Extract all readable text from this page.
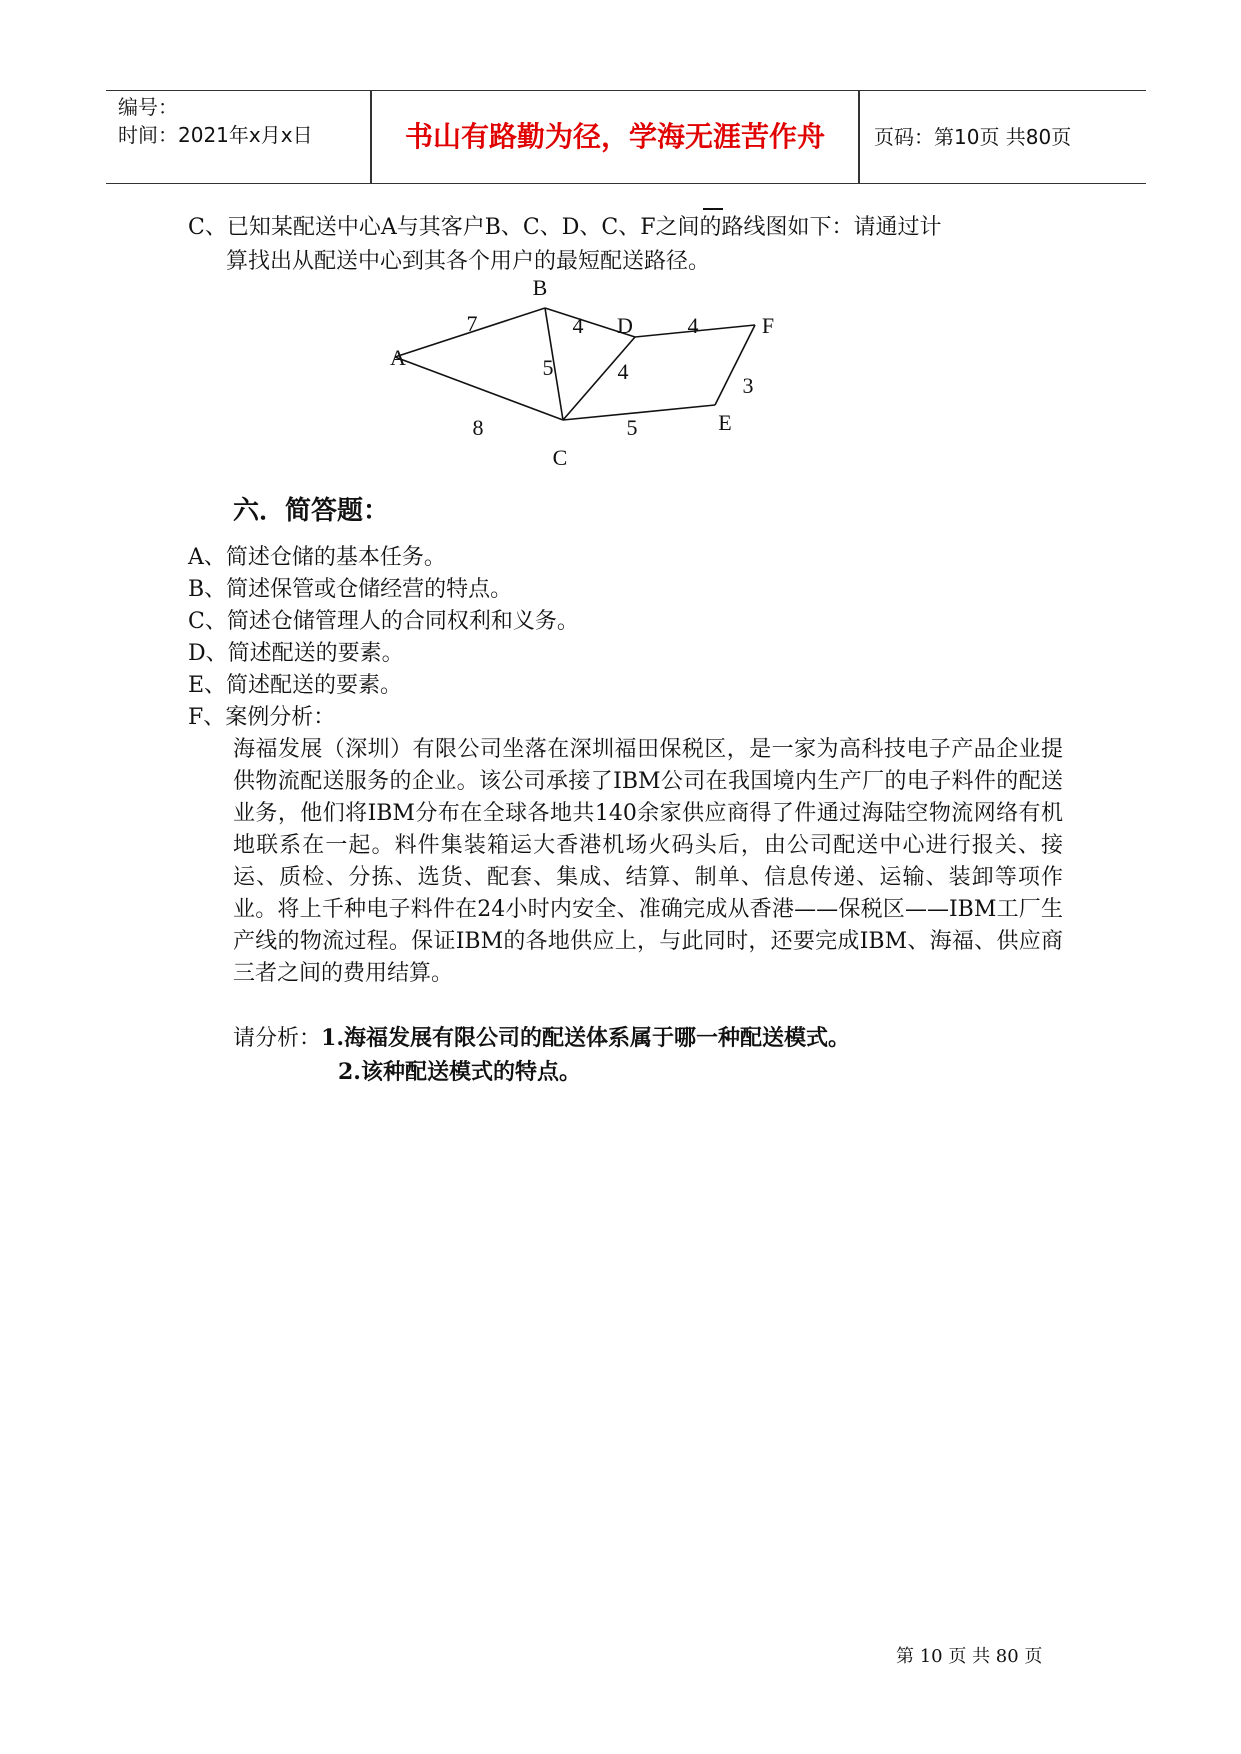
编号：
时间：2021年x月x日	书山有路勤为径，学海无涯苦作舟	页码：第10页 共80页
C、已知某配送中心A与其客户B、C、D、C、F之间的路线图如下：请通过计
算找出从配送中心到其各个用户的最短配送路径。
7
8
4
5	4
4
3
5
A
B
C
D
E
F
六．简答题：
A、简述仓储的基本任务。
B、简述保管或仓储经营的特点。
C、简述仓储管理人的合同权利和义务。
D、简述配送的要素。
E、简述配送的要素。
F、案例分析：
海福发展（深圳）有限公司坐落在深圳福田保税区，是一家为高科技电子产品企业提供物流配送服务的企业。该公司承接了IBM公司在我国境内生产厂的电子料件的配送业务，他们将IBM分布在全球各地共140余家供应商得了件通过海陆空物流网络有机地联系在一起。料件集装箱运大香港机场火码头后，由公司配送中心进行报关、接运、质检、分拣、选货、配套、集成、结算、制单、信息传递、运输、装卸等项作业。将上千种电子料件在24小时内安全、准确完成从香港——保税区——IBM工厂生产线的物流过程。保证IBM的各地供应上，与此同时，还要完成IBM、海福、供应商三者之间的费用结算。
请分析：1.海福发展有限公司的配送体系属于哪一种配送模式。
2.该种配送模式的特点。
第 10 页 共 80 页
